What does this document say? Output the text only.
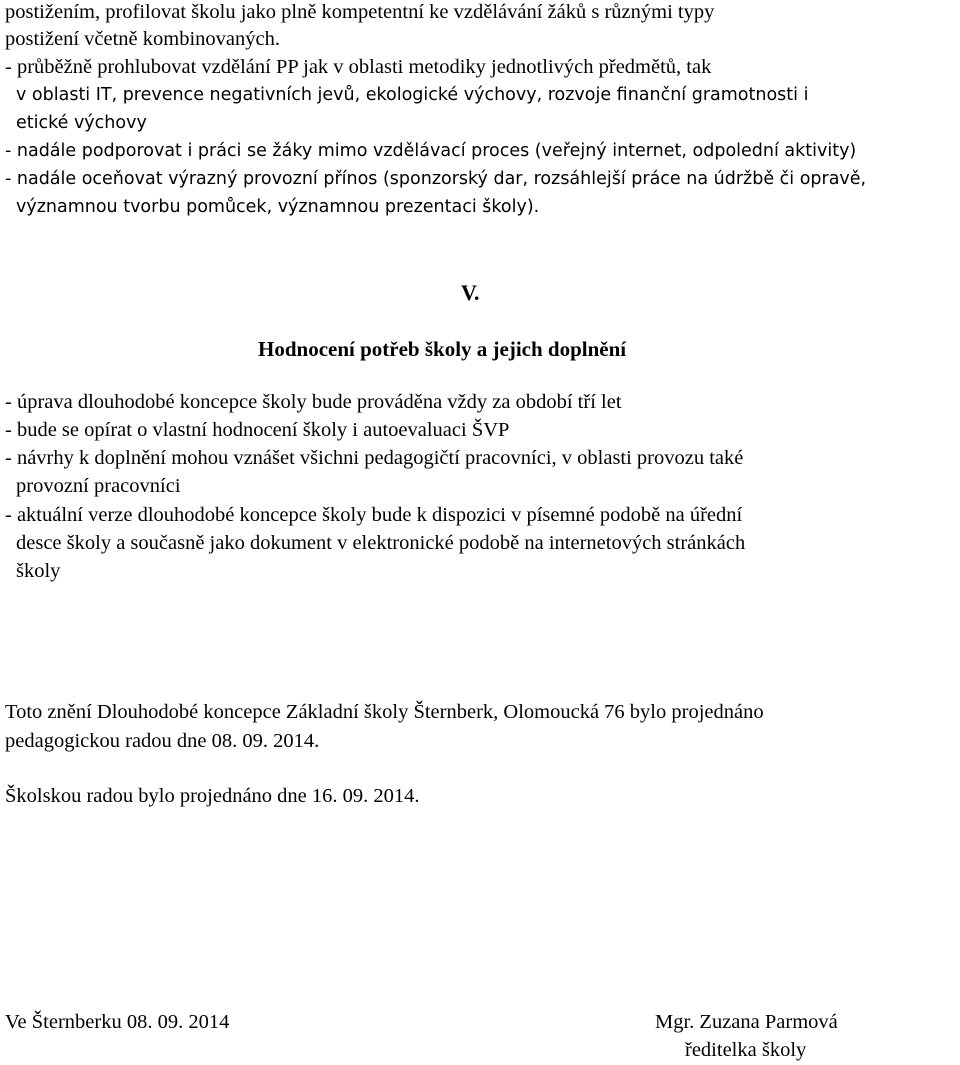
postižením, profilovat školu jako plně kompetentní ke vzdělávání žáků s různými typy
postižení včetně kombinovaných.
- průběžně prohlubovat vzdělání PP jak v oblasti metodiky jednotlivých předmětů, tak
v oblasti IT, prevence negativních jevů, ekologické výchovy, rozvoje finanční gramotnosti i
etické výchovy
- nadále podporovat i práci se žáky mimo vzdělávací proces (veřejný internet, odpolední aktivity)
- nadále oceňovat výrazný provozní přínos (sponzorský dar, rozsáhlejší práce na údržbě či opravě,
významnou tvorbu pomůcek, významnou prezentaci školy).
V.
Hodnocení potřeb školy a jejich doplnění
- úprava dlouhodobé koncepce školy bude prováděna vždy za období tří let
- bude se opírat o vlastní hodnocení školy i autoevaluaci ŠVP
- návrhy k doplnění mohou vznášet všichni pedagogičtí pracovníci, v oblasti provozu také
provozní pracovníci
- aktuální verze dlouhodobé koncepce školy bude k dispozici v písemné podobě na úřední
desce školy a současně jako dokument v elektronické podobě na internetových stránkách
školy
Toto znění Dlouhodobé koncepce Základní školy Šternberk, Olomoucká 76 bylo projednáno
pedagogickou radou dne 08. 09. 2014.
Školskou radou bylo projednáno dne 16. 09. 2014.
Ve Šternberku 08. 09. 2014	Mgr. Zuzana Parmová
ředitelka školy
